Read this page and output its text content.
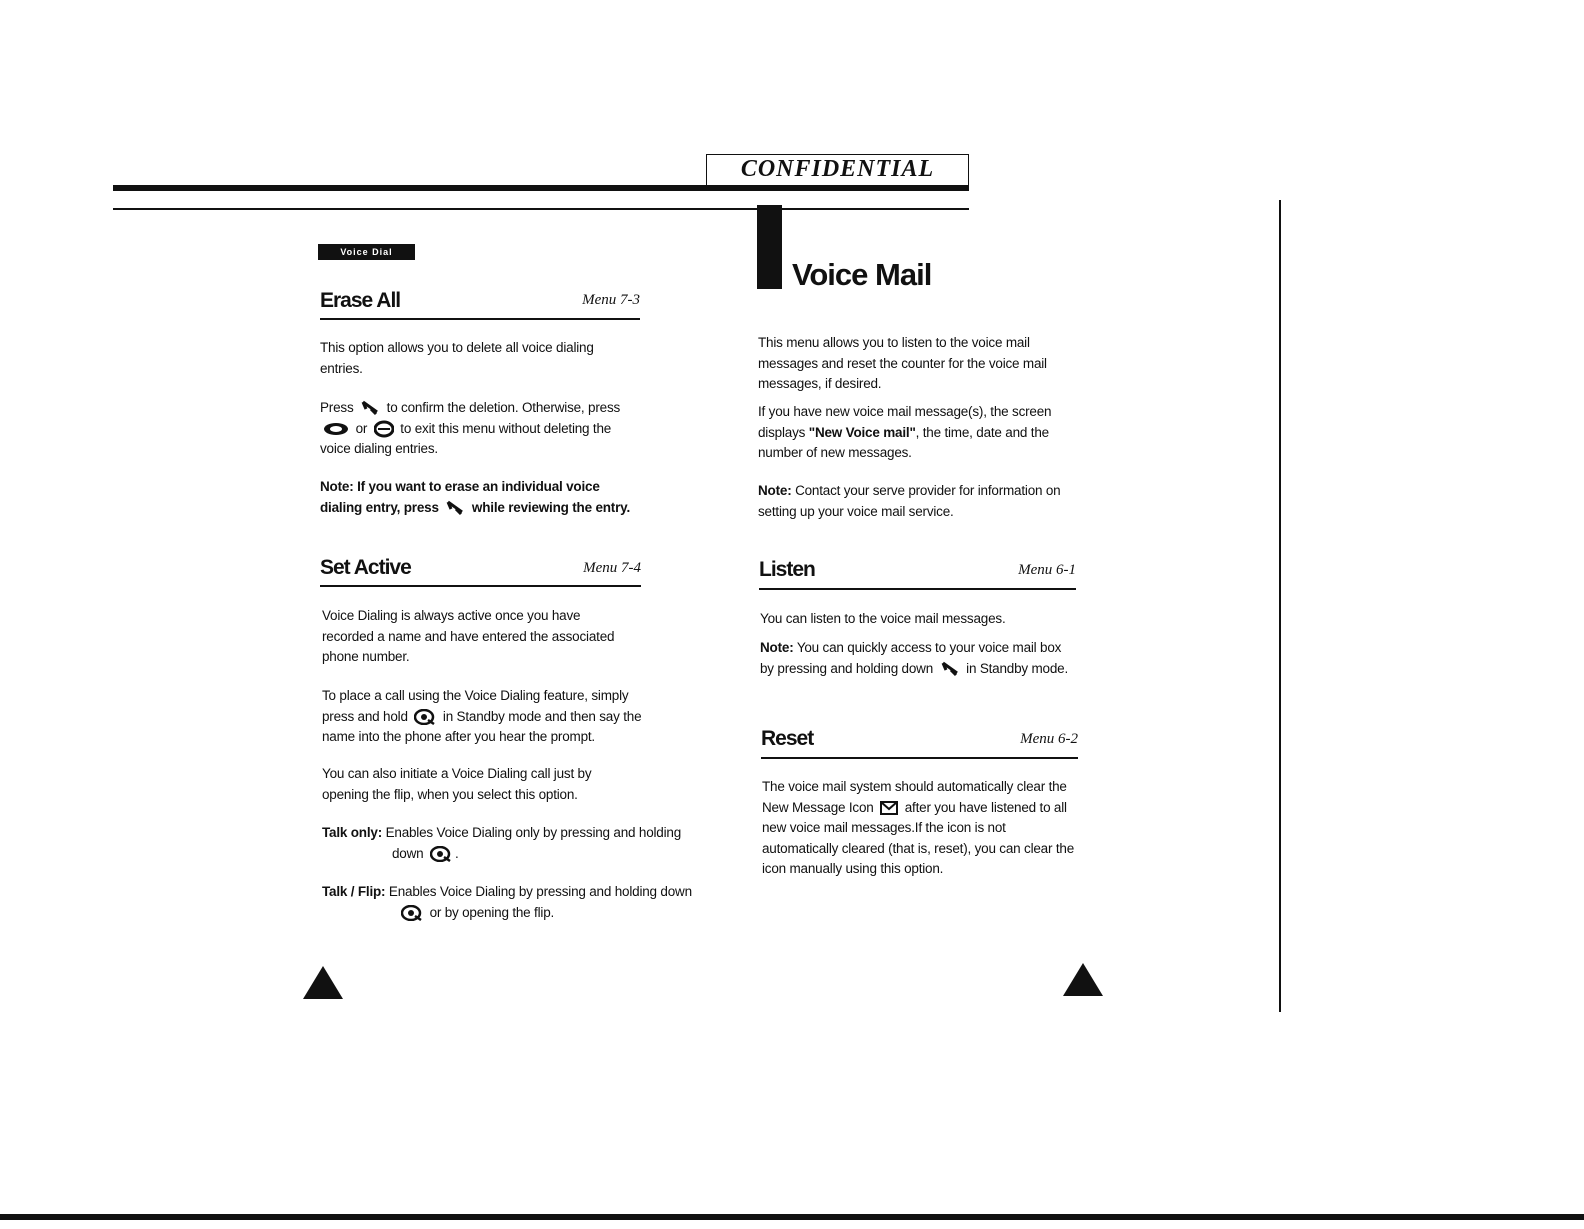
CONFIDENTIAL
Voice Dial
Erase All	Menu 7-3
This option allows you to delete all voice dialing entries.
Press to confirm the deletion. Otherwise, press
or to exit this menu without deleting the voice dialing entries.
Note: If you want to erase an individual voice dialing entry, press while reviewing the entry.
Set Active	Menu 7-4
Voice Dialing is always active once you have recorded a name and have entered the associated phone number.
To place a call using the Voice Dialing feature, simply press and hold	in Standby mode and then say the name into the phone after you hear the prompt.
You can also initiate a Voice Dialing call just by opening the flip, when you select this option.
Talk only: Enables Voice Dialing only by pressing and holding down .
Talk / Flip: Enables Voice Dialing by pressing and holding down  or by opening the flip.
Voice Mail
This menu allows you to listen to the voice mail messages and reset the counter for the voice mail messages, if desired.
If you have new voice mail message(s), the screen displays "New Voice mail", the time, date and the number of new messages.
Note: Contact your serve provider for information on setting up your voice mail service.
Listen	Menu 6-1
You can listen to the voice mail messages.
Note: You can quickly access to your voice mail box by pressing and holding down in Standby mode.
Reset	Menu 6-2
The voice mail system should automatically clear the New Message Icon after you have listened to all new voice mail messages.If the icon is not automatically cleared (that is, reset), you can clear the icon manually using this option.
